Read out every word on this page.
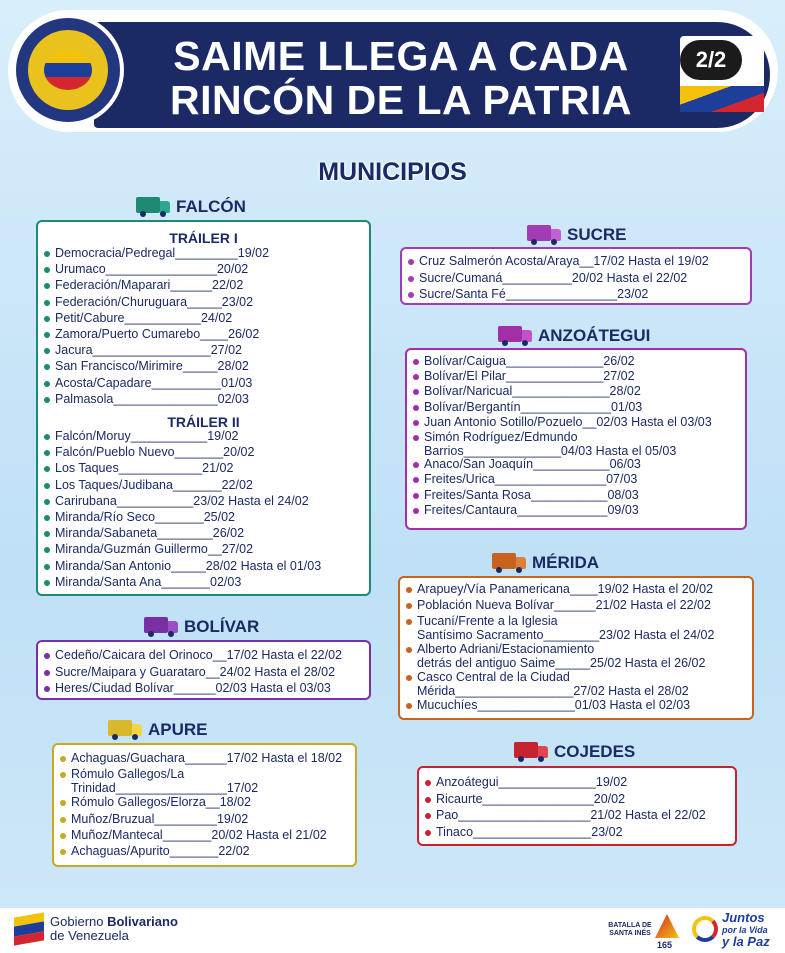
SAIME LLEGA A CADA
RINCÓN DE LA PATRIA
2/2
MUNICIPIOS
FALCÓN
TRÁILER I
TRÁILER II
Democracia/Pedregal_________19/02
Urumaco________________20/02
Federación/Maparari______22/02
Federación/Churuguara_____23/02
Petit/Cabure___________24/02
Zamora/Puerto Cumarebo____26/02
Jacura_________________27/02
San Francisco/Mirimire_____28/02
Acosta/Capadare__________01/03
Palmasola_______________02/03
Falcón/Moruy___________19/02
Falcón/Pueblo Nuevo_______20/02
Los Taques____________21/02
Los Taques/Judibana_______22/02
Carirubana___________23/02 Hasta el 24/02
Miranda/Río Seco_______25/02
Miranda/Sabaneta________26/02
Miranda/Guzmán Guillermo__27/02
Miranda/San Antonio_____28/02 Hasta el 01/03
Miranda/Santa Ana_______02/03
BOLÍVAR
Cedeño/Caicara del Orinoco__17/02 Hasta el 22/02
Sucre/Maipara y Guarataro__24/02 Hasta el 28/02
Heres/Ciudad Bolívar______02/03 Hasta el 03/03
APURE
Achaguas/Guachara______17/02 Hasta el 18/02
Rómulo Gallegos/La
Trinidad________________17/02
Rómulo Gallegos/Elorza__18/02
Muñoz/Bruzual_________19/02
Muñoz/Mantecal_______20/02 Hasta el 21/02
Achaguas/Apurito_______22/02
SUCRE
Cruz Salmerón Acosta/Araya__17/02 Hasta el 19/02
Sucre/Cumaná__________20/02 Hasta el 22/02
Sucre/Santa Fé________________23/02
ANZOÁTEGUI
Bolívar/Caigua______________26/02
Bolívar/El Pilar______________27/02
Bolívar/Naricual______________28/02
Bolívar/Bergantín_____________01/03
Juan Antonio Sotillo/Pozuelo__02/03 Hasta el 03/03
Simón Rodríguez/Edmundo
Barrios______________04/03 Hasta el 05/03
Anaco/San Joaquín___________06/03
Freites/Urica________________07/03
Freites/Santa Rosa___________08/03
Freites/Cantaura_____________09/03
MÉRIDA
Arapuey/Vía Panamericana____19/02 Hasta el 20/02
Población Nueva Bolívar______21/02 Hasta el 22/02
Tucaní/Frente a la Iglesia
Santísimo Sacramento________23/02 Hasta el 24/02
Alberto Adriani/Estacionamiento
detrás del antiguo Saime_____25/02 Hasta el 26/02
Casco Central de la Ciudad
Mérida_________________27/02 Hasta el 28/02
Mucuchíes______________01/03 Hasta el 02/03
COJEDES
Anzoátegui______________19/02
Ricaurte________________20/02
Pao___________________21/02 Hasta el 22/02
Tinaco_________________23/02
Gobierno Bolivariano
de Venezuela
BATALLA DE
SANTA INÉS
165
Juntos
por la Vida
y la Paz
